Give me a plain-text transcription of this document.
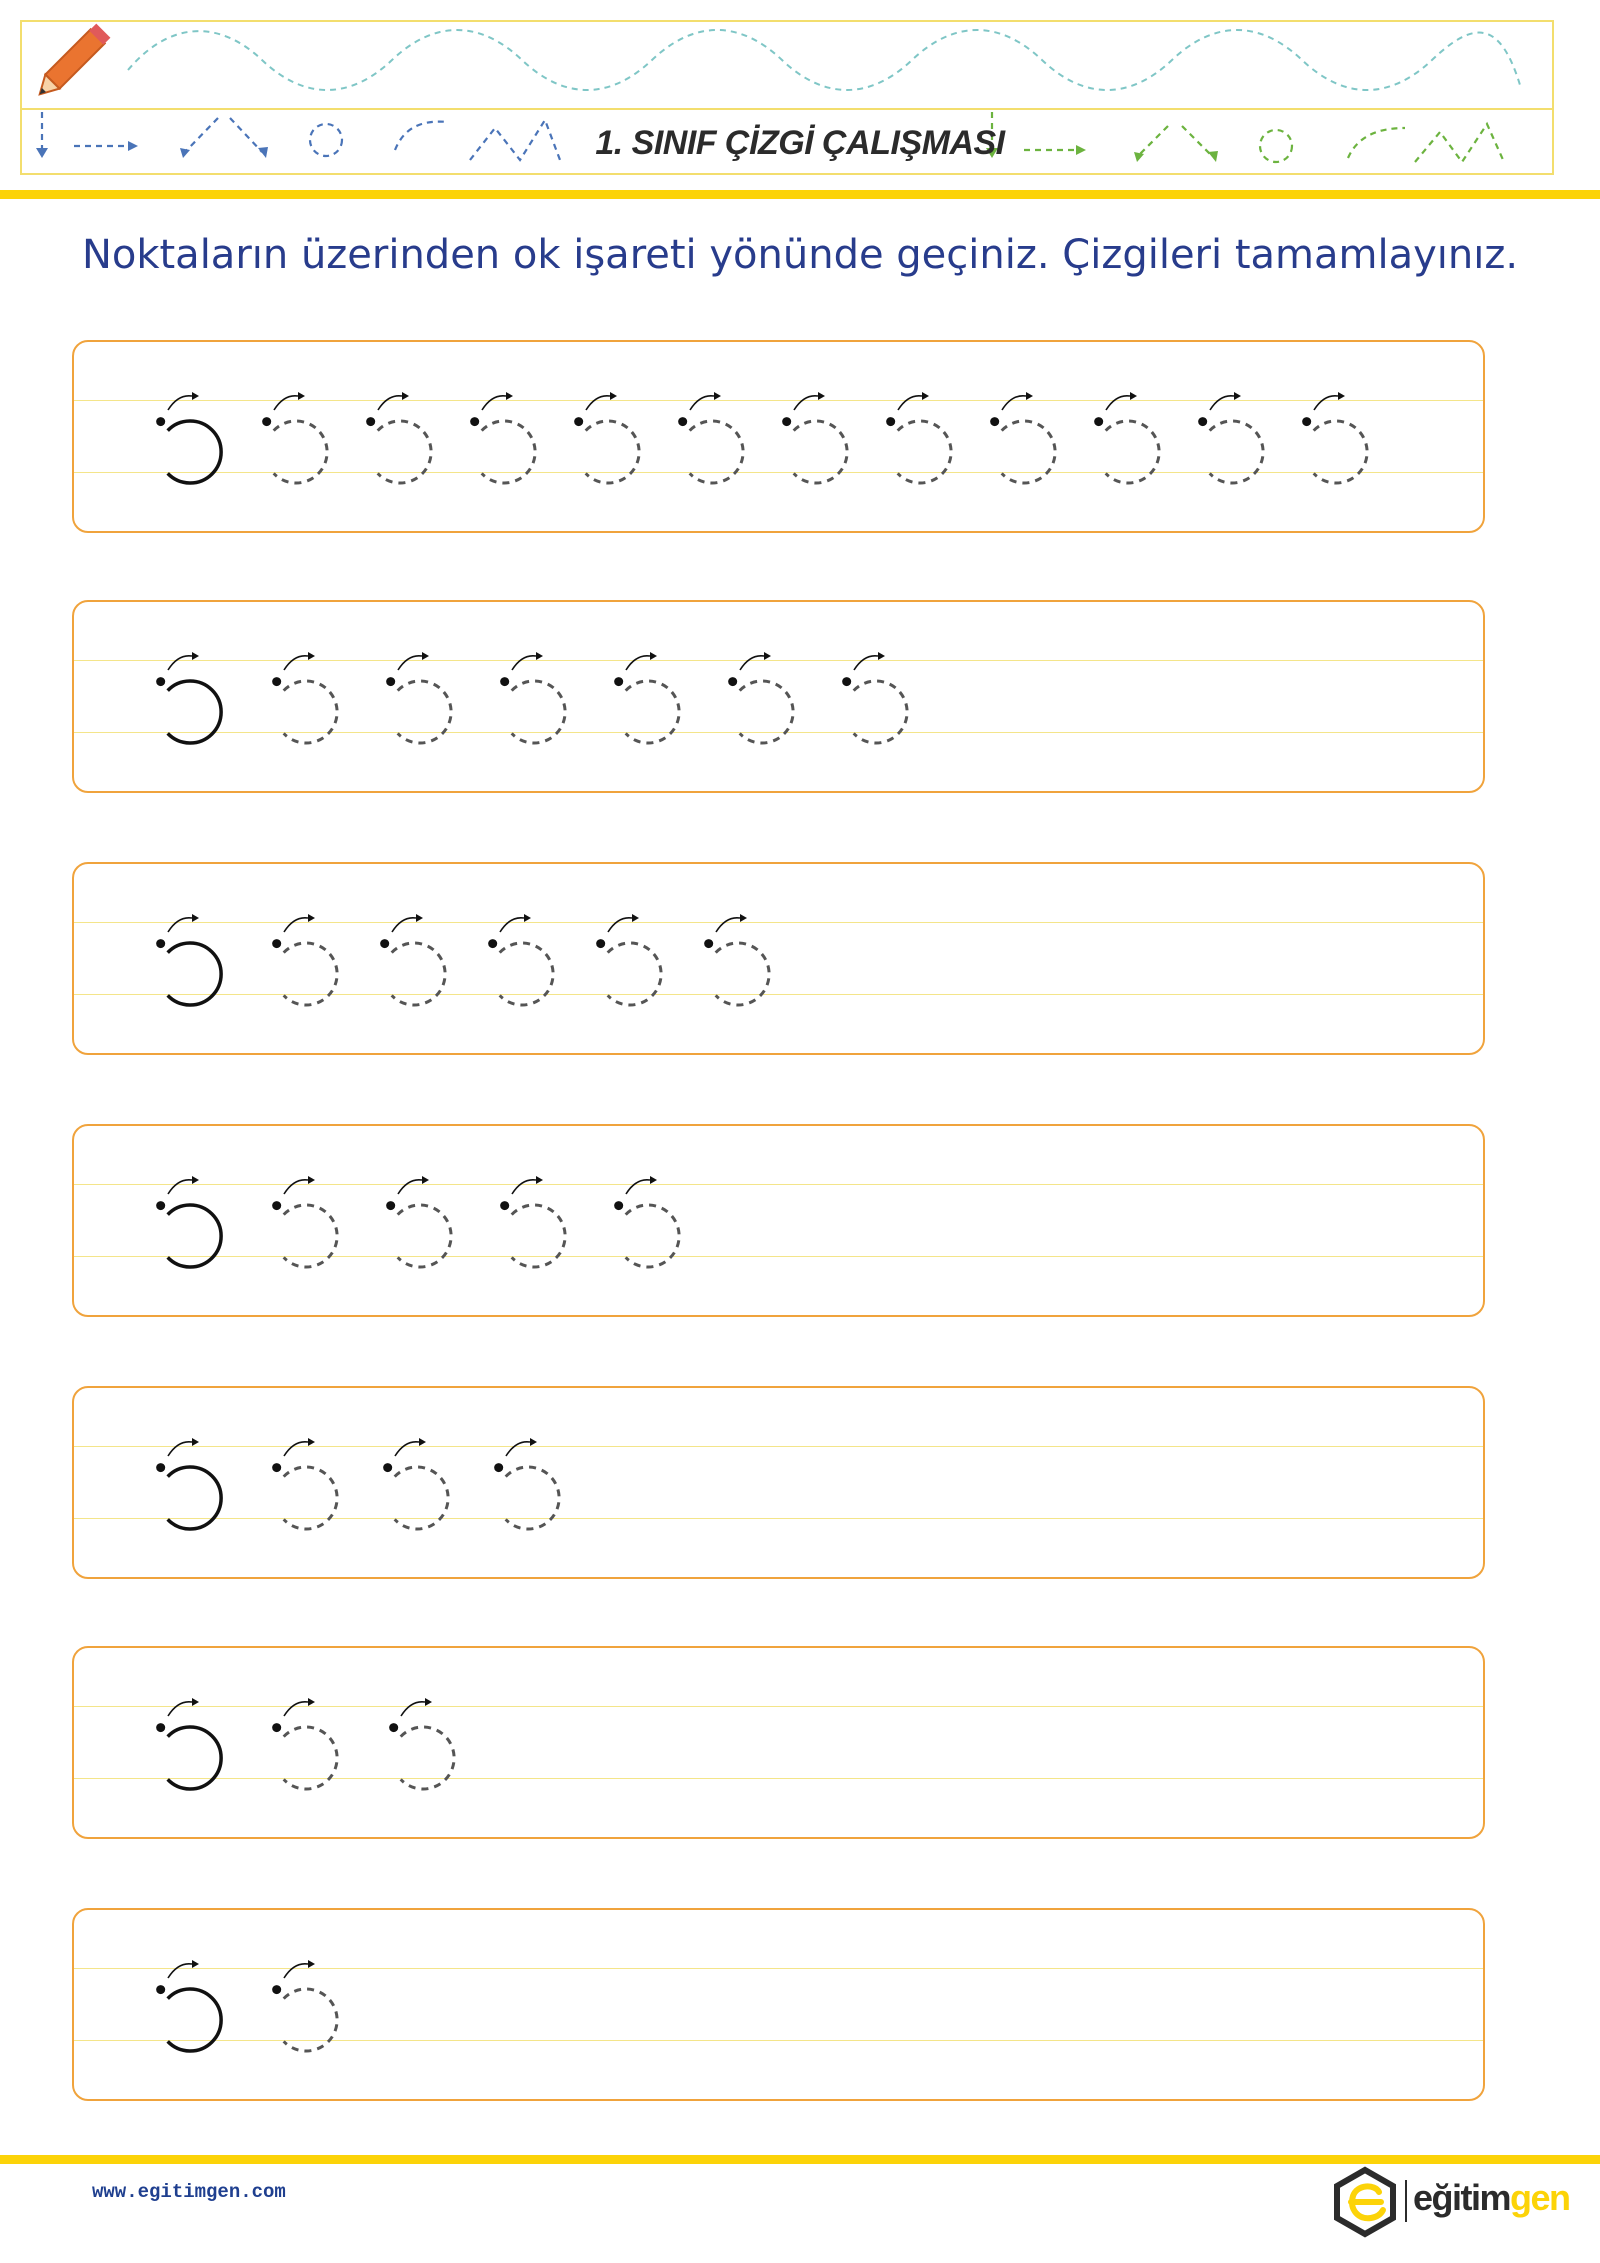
1. SINIF ÇİZGİ ÇALIŞMASI
Noktaların üzerinden ok işareti yönünde geçiniz. Çizgileri tamamlayınız.
www.egitimgen.com	eğitimgen
